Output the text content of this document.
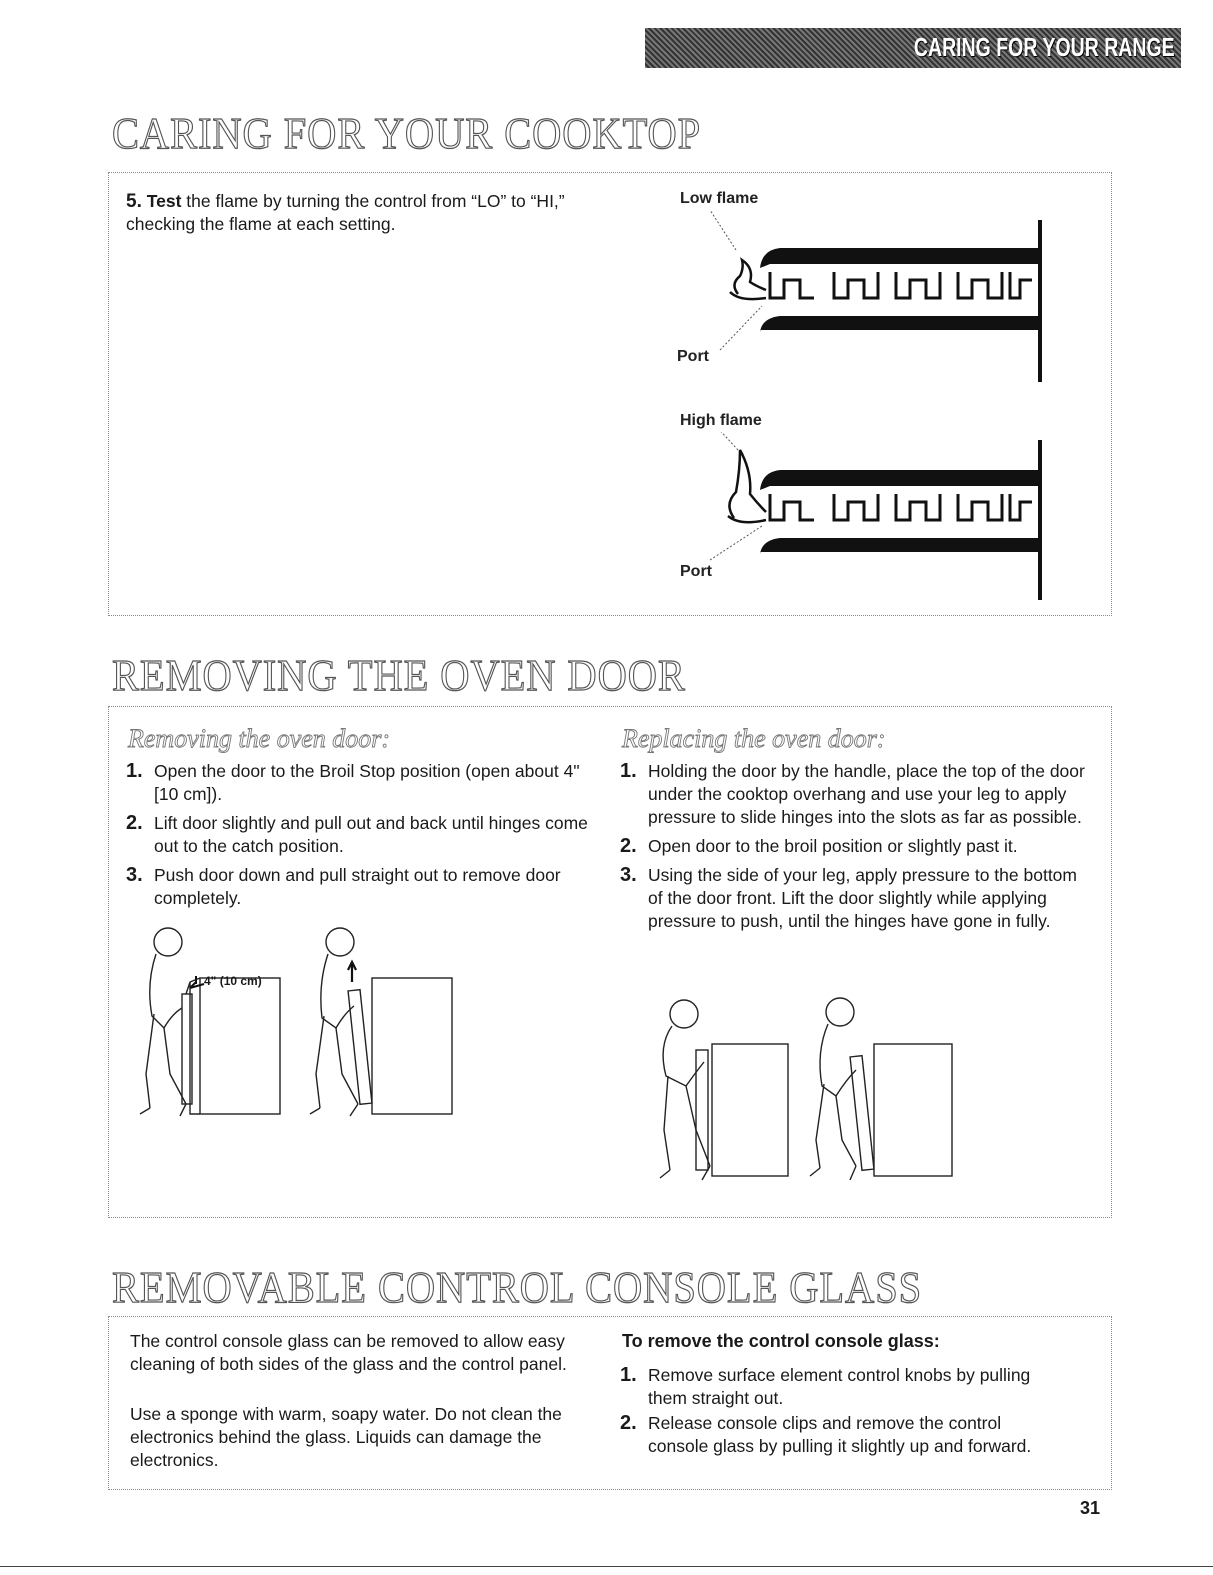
CARING FOR YOUR RANGE
CARING FOR YOUR COOKTOP
5. Test the flame by turning the control from “LO” to “HI,” checking the flame at each setting.
Low flame
Port
High flame
Port
REMOVING THE OVEN DOOR
Removing the oven door:
1. Open the door to the Broil Stop position (open about 4" [10 cm]).
2. Lift door slightly and pull out and back until hinges come out to the catch position.
3. Push door down and pull straight out to remove door completely.
4" (10 cm)
Replacing the oven door:
1. Holding the door by the handle, place the top of the door under the cooktop overhang and use your leg to apply pressure to slide hinges into the slots as far as possible.
2. Open door to the broil position or slightly past it.
3. Using the side of your leg, apply pressure to the bottom of the door front. Lift the door slightly while applying pressure to push, until the hinges have gone in fully.
REMOVABLE CONTROL CONSOLE GLASS
The control console glass can be removed to allow easy cleaning of both sides of the glass and the control panel.
Use a sponge with warm, soapy water. Do not clean the electronics behind the glass. Liquids can damage the electronics.
To remove the control console glass:
1. Remove surface element control knobs by pulling them straight out.
2. Release console clips and remove the control console glass by pulling it slightly up and forward.
31
